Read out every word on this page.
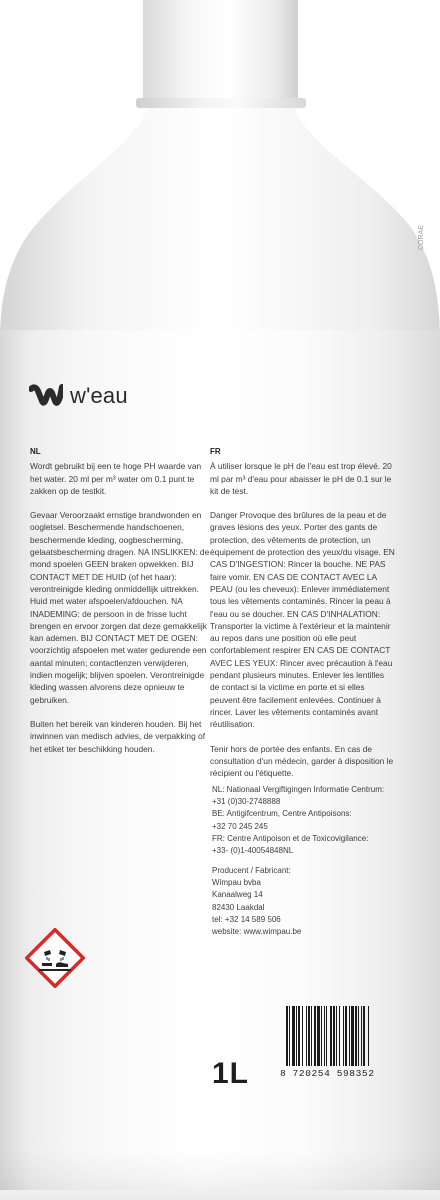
CORAE
w'eau
NL

Wordt gebruikt bij een te hoge PH waarde van het water. 20 ml per m³ water om 0.1 punt te zakken op de testkit.

Gevaar Veroorzaakt ernstige brandwonden en oogletsel. Beschermende handschoenen, beschermende kleding, oogbescherming, gelaatsbescherming dragen. NA INSLIKKEN: de mond spoelen GEEN braken opwekken. BIJ CONTACT MET DE HUID (of het haar): verontreinigde kleding onmiddellijk uittrekken. Huid met water afspoelen/afdouchen. NA INADEMING: de persoon in de frisse lucht brengen en ervoor zorgen dat deze gemakkelijk kan ademen. BIJ CONTACT MET DE OGEN: voorzichtig afspoelen met water gedurende een aantal minuten; contactlenzen verwijderen, indien mogelijk; blijven spoelen. Verontreinigde kleding wassen alvorens deze opnieuw te gebruiken.

Buiten het bereik van kinderen houden. Bij het inwinnen van medisch advies, de verpakking of het etiket ter beschikking houden.

FR

À utiliser lorsque le pH de l'eau est trop élevé. 20 ml par m³ d'eau pour abaisser le pH de 0.1 sur le kit de test.

Danger Provoque des brûlures de la peau et de graves lésions des yeux. Porter des gants de protection, des vêtements de protection, un équipement de protection des yeux/du visage. EN CAS D'INGESTION: Rincer la bouche. NE PAS faire vomir. EN CAS DE CONTACT AVEC LA PEAU (ou les cheveux): Enlever immédiatement tous les vêtements contaminés. Rincer la peau à l'eau ou se doucher. EN CAS D'INHALATION: Transporter la victime à l'extérieur et la maintenir au repos dans une position où elle peut confortablement respirer EN CAS DE CONTACT AVEC LES YEUX: Rincer avec précaution à l'eau pendant plusieurs minutes. Enlever les lentilles de contact si la victime en porte et si elles peuvent être facilement enlevées. Continuer à rincer. Laver les vêtements contaminés avant réutilisation.

Tenir hors de portée des enfants. En cas de consultation d'un médecin, garder à disposition le récipient ou l'étiquette.

NL: Nationaal Vergiftigingen Informatie Centrum:

+31 (0)30-2748888

BE: Antigifcentrum, Centre Antipoisons:

+32 70 245 245

FR: Centre Antipoison et de Toxicovigilance:

+33- (0)1-40054848NL

Producent / Fabricant:

Wimpau bvba

Kanaalweg 14

82430 Laakdal

tel: +32 14 589 506

website: www.wimpau.be

1L	8 720254 598352
